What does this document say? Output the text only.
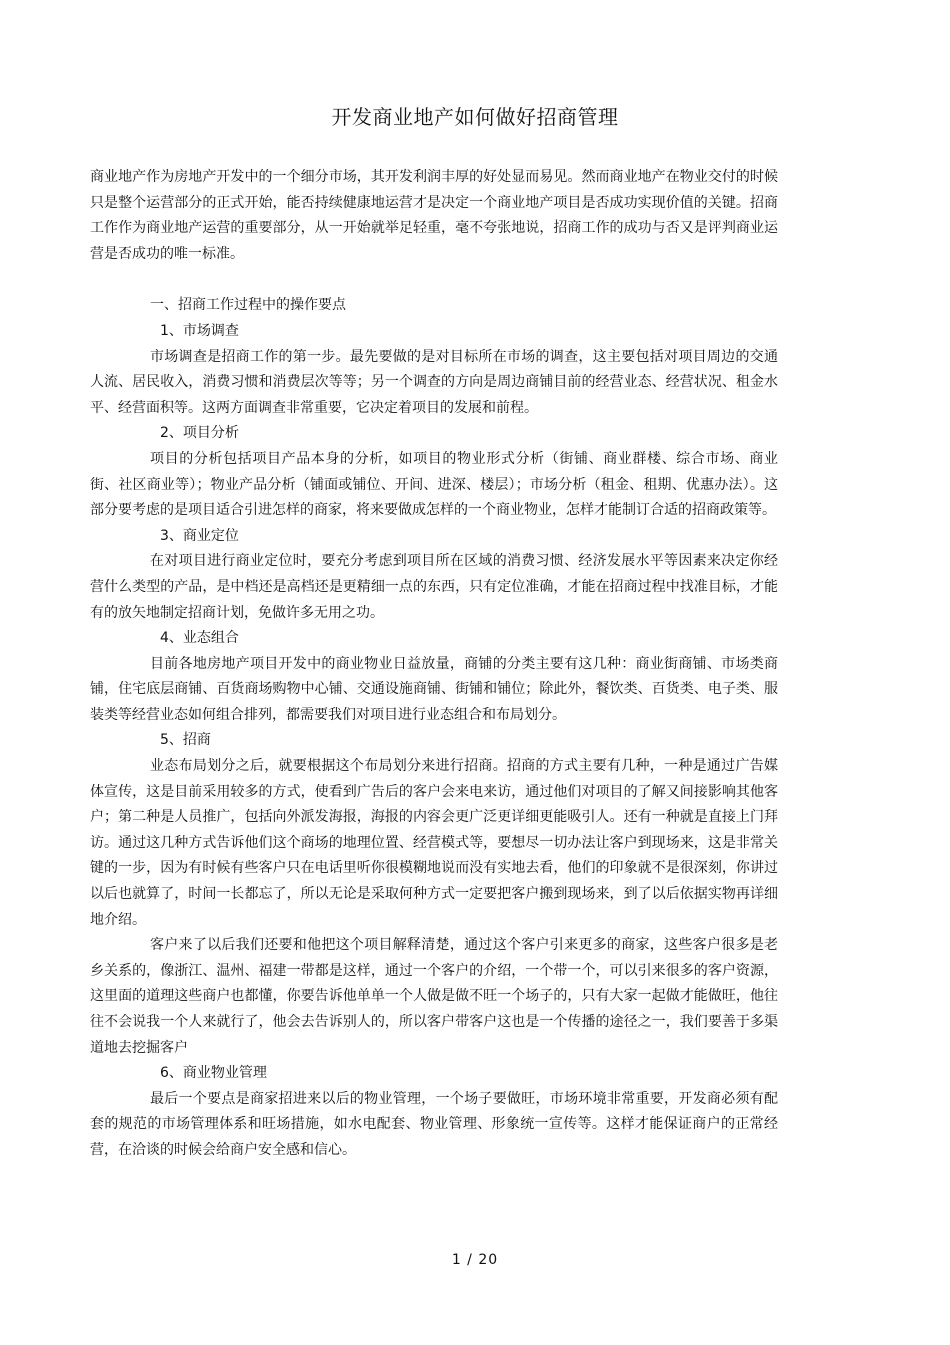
开发商业地产如何做好招商管理

商业地产作为房地产开发中的一个细分市场，其开发利润丰厚的好处显而易见。然而商业地产在物业交付的时候只是整个运营部分的正式开始，能否持续健康地运营才是决定一个商业地产项目是否成功实现价值的关键。招商工作作为商业地产运营的重要部分，从一开始就举足轻重，毫不夸张地说，招商工作的成功与否又是评判商业运营是否成功的唯一标准。

一、招商工作过程中的操作要点

1、市场调查

市场调查是招商工作的第一步。最先要做的是对目标所在市场的调查，这主要包括对项目周边的交通人流、居民收入，消费习惯和消费层次等等；另一个调查的方向是周边商铺目前的经营业态、经营状况、租金水平、经营面积等。这两方面调查非常重要，它决定着项目的发展和前程。

2、项目分析

项目的分析包括项目产品本身的分析，如项目的物业形式分析（街铺、商业群楼、综合市场、商业街、社区商业等）；物业产品分析（铺面或铺位、开间、进深、楼层）；市场分析（租金、租期、优惠办法）。这部分要考虑的是项目适合引进怎样的商家，将来要做成怎样的一个商业物业，怎样才能制订合适的招商政策等。

3、商业定位

在对项目进行商业定位时，要充分考虑到项目所在区域的消费习惯、经济发展水平等因素来决定你经营什么类型的产品，是中档还是高档还是更精细一点的东西，只有定位准确，才能在招商过程中找准目标，才能有的放矢地制定招商计划，免做许多无用之功。

4、业态组合

目前各地房地产项目开发中的商业物业日益放量，商铺的分类主要有这几种：商业街商铺、市场类商铺，住宅底层商铺、百货商场购物中心铺、交通设施商铺、街铺和铺位；除此外，餐饮类、百货类、电子类、服装类等经营业态如何组合排列，都需要我们对项目进行业态组合和布局划分。

5、招商

业态布局划分之后，就要根据这个布局划分来进行招商。招商的方式主要有几种，一种是通过广告媒体宣传，这是目前采用较多的方式，使看到广告后的客户会来电来访，通过他们对项目的了解又间接影响其他客户；第二种是人员推广，包括向外派发海报，海报的内容会更广泛更详细更能吸引人。还有一种就是直接上门拜访。通过这几种方式告诉他们这个商场的地理位置、经营模式等，要想尽一切办法让客户到现场来，这是非常关键的一步，因为有时候有些客户只在电话里听你很模糊地说而没有实地去看，他们的印象就不是很深刻，你讲过以后也就算了，时间一长都忘了，所以无论是采取何种方式一定要把客户搬到现场来，到了以后依据实物再详细地介绍。

客户来了以后我们还要和他把这个项目解释清楚，通过这个客户引来更多的商家，这些客户很多是老乡关系的，像浙江、温州、福建一带都是这样，通过一个客户的介绍，一个带一个，可以引来很多的客户资源，这里面的道理这些商户也都懂，你要告诉他单单一个人做是做不旺一个场子的，只有大家一起做才能做旺，他往往不会说我一个人来就行了，他会去告诉别人的，所以客户带客户这也是一个传播的途径之一，我们要善于多渠道地去挖掘客户

6、商业物业管理

最后一个要点是商家招进来以后的物业管理，一个场子要做旺，市场环境非常重要，开发商必须有配套的规范的市场管理体系和旺场措施，如水电配套、物业管理、形象统一宣传等。这样才能保证商户的正常经营，在洽谈的时候会给商户安全感和信心。

1 / 20
